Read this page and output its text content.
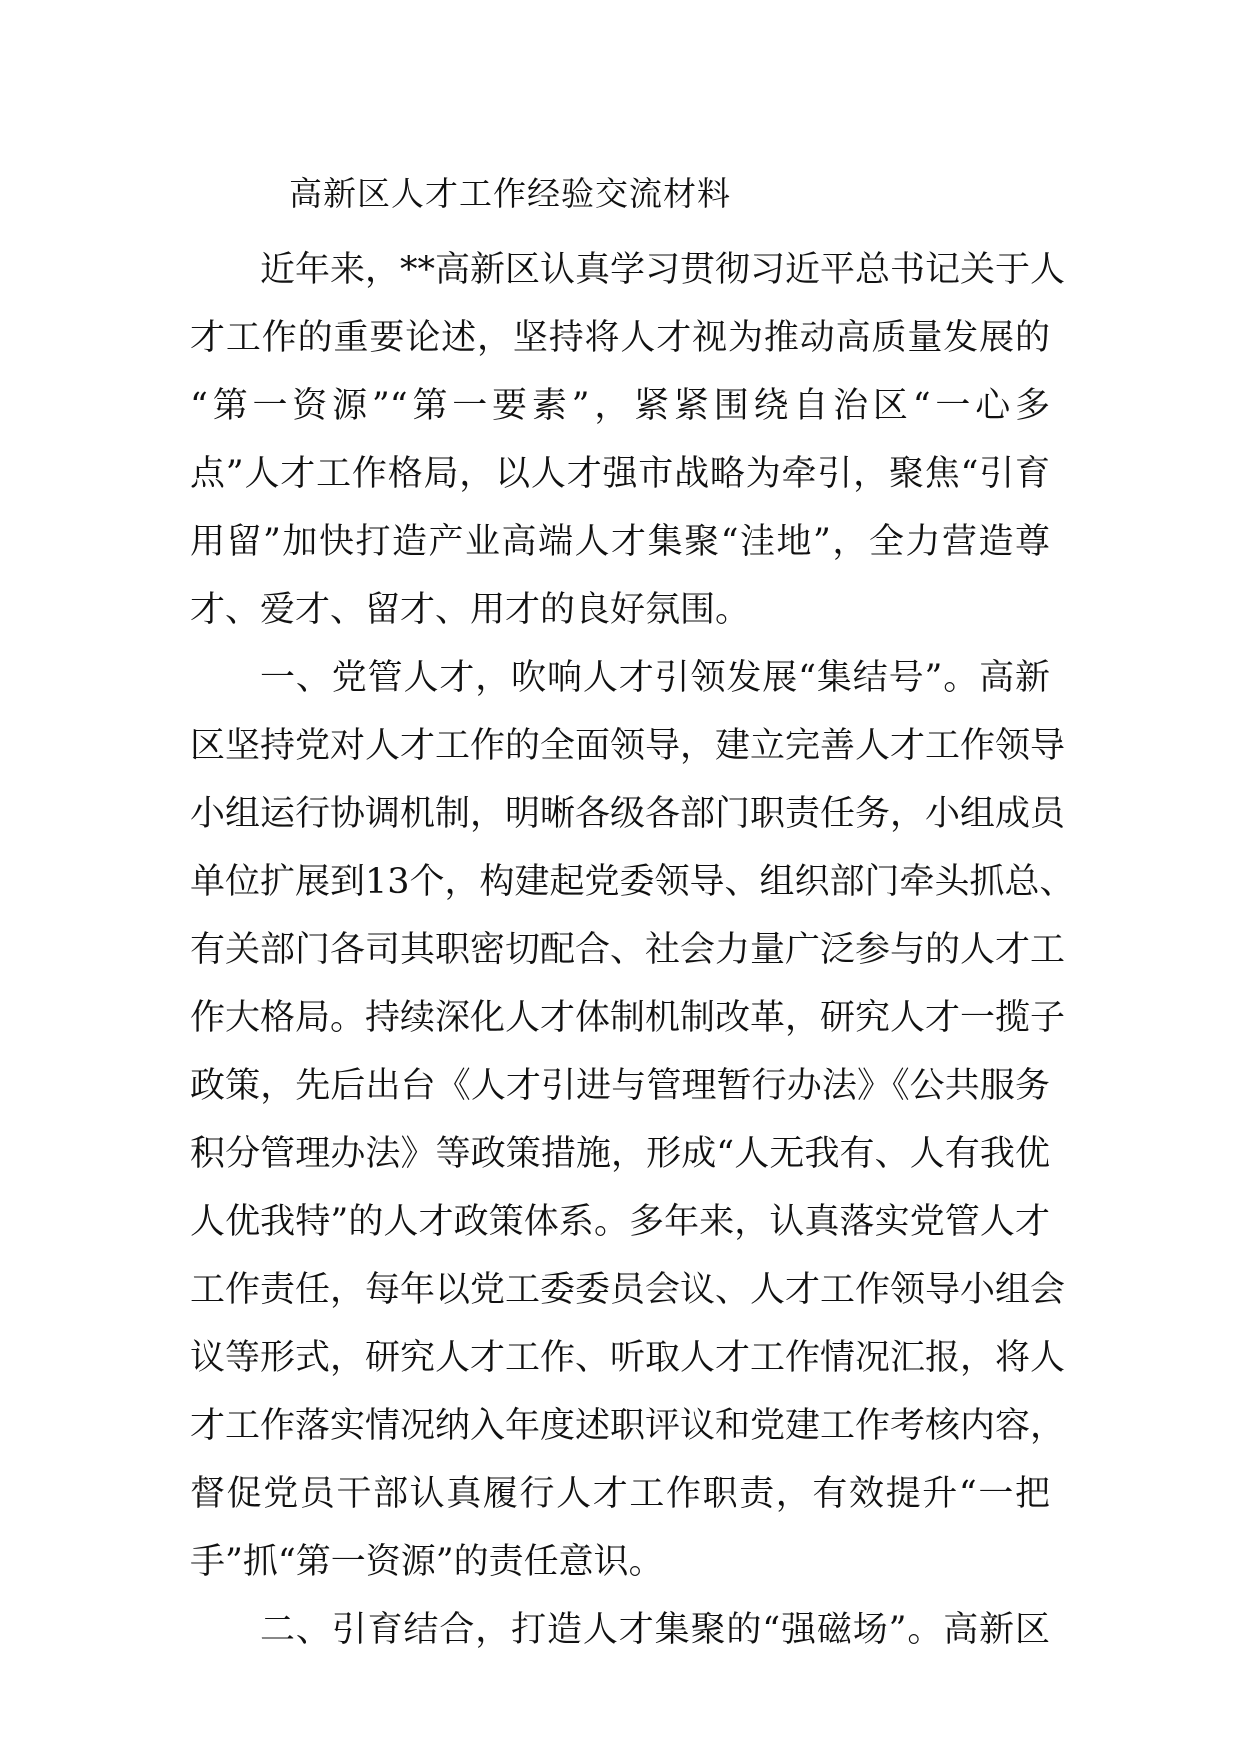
高新区人才工作经验交流材料
近年来，**高新区认真学习贯彻习近平总书记关于人
才工作的重要论述，坚持将人才视为推动高质量发展的
“第一资源”“第一要素”，紧紧围绕自治区“一心多
点”人才工作格局，以人才强市战略为牵引，聚焦“引育
用留”加快打造产业高端人才集聚“洼地”，全力营造尊
才、爱才、留才、用才的良好氛围。
一、党管人才，吹响人才引领发展“集结号”。高新
区坚持党对人才工作的全面领导，建立完善人才工作领导
小组运行协调机制，明晰各级各部门职责任务，小组成员
单位扩展到13个，构建起党委领导、组织部门牵头抓总、
有关部门各司其职密切配合、社会力量广泛参与的人才工
作大格局。持续深化人才体制机制改革，研究人才一揽子
政策，先后出台《人才引进与管理暂行办法》《公共服务
积分管理办法》等政策措施，形成“人无我有、人有我优
人优我特”的人才政策体系。多年来，认真落实党管人才
工作责任，每年以党工委委员会议、人才工作领导小组会
议等形式，研究人才工作、听取人才工作情况汇报，将人
才工作落实情况纳入年度述职评议和党建工作考核内容，
督促党员干部认真履行人才工作职责，有效提升“一把
手”抓“第一资源”的责任意识。
二、引育结合，打造人才集聚的“强磁场”。高新区
